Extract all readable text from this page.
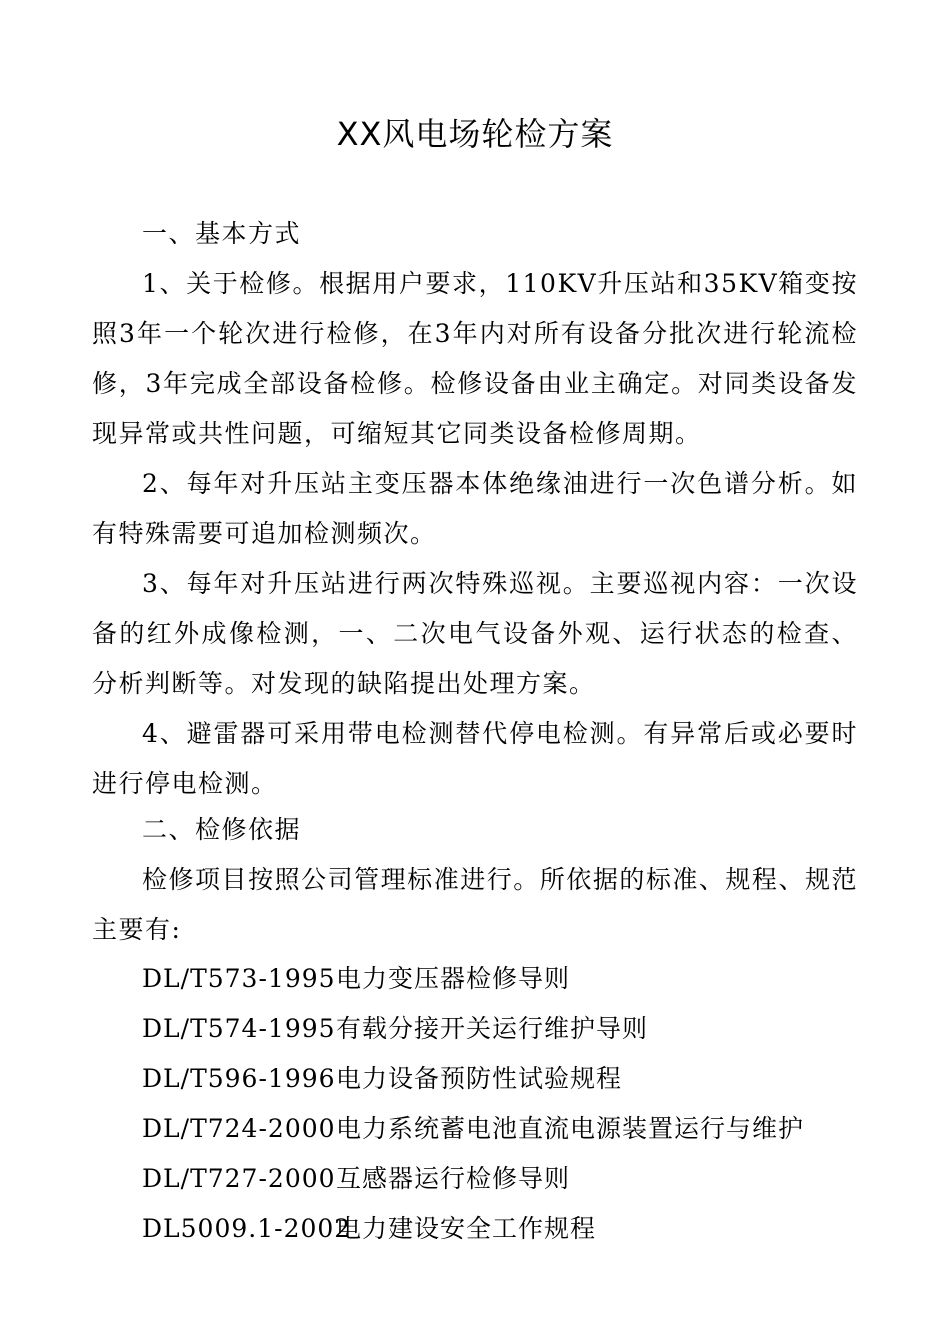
XX风电场轮检方案
一、基本方式

1、关于检修。根据用户要求，110KV升压站和35KV箱变按照3年一个轮次进行检修，在3年内对所有设备分批次进行轮流检修，3年完成全部设备检修。检修设备由业主确定。对同类设备发现异常或共性问题，可缩短其它同类设备检修周期。

2、每年对升压站主变压器本体绝缘油进行一次色谱分析。如有特殊需要可追加检测频次。

3、每年对升压站进行两次特殊巡视。主要巡视内容：一次设备的红外成像检测，一、二次电气设备外观、运行状态的检查、分析判断等。对发现的缺陷提出处理方案。

4、避雷器可采用带电检测替代停电检测。有异常后或必要时进行停电检测。

二、检修依据

检修项目按照公司管理标准进行。所依据的标准、规程、规范主要有:

DL/T573-1995电力变压器检修导则
DL/T574-1995有载分接开关运行维护导则
DL/T596-1996电力设备预防性试验规程
DL/T724-2000电力系统蓄电池直流电源装置运行与维护
DL/T727-2000互感器运行检修导则
DL5009.1-2002电力建设安全工作规程
